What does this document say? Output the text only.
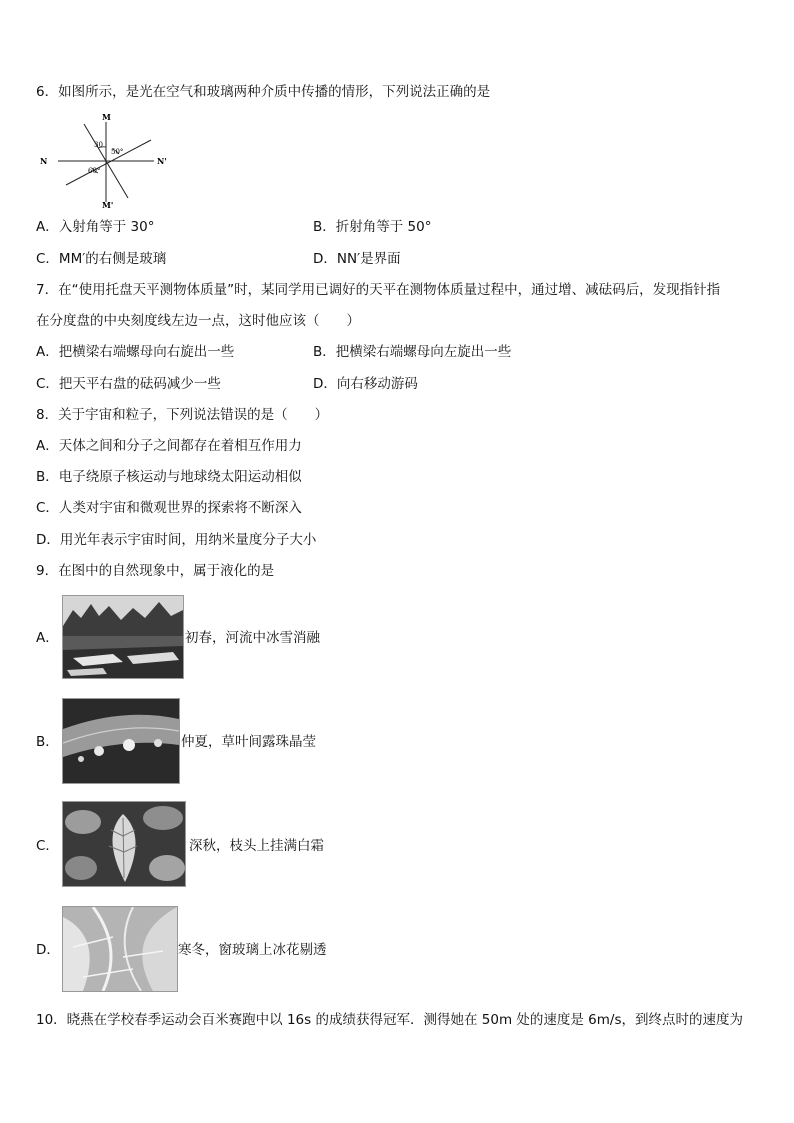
6．如图所示，是光在空气和玻璃两种介质中传播的情形，下列说法正确的是
M
M'
N	N'
30
50°
60°
A．入射角等于 30°	B．折射角等于 50°
C．MM′的右侧是玻璃	D．NN′是界面
7．在“使用托盘天平测物体质量”时，某同学用已调好的天平在测物体质量过程中，通过增、减砝码后，发现指针指
在分度盘的中央刻度线左边一点，这时他应该（　　）
A．把横梁右端螺母向右旋出一些	B．把横梁右端螺母向左旋出一些
C．把天平右盘的砝码减少一些	D．向右移动游码
8．关于宇宙和粒子，下列说法错误的是（　　）
A．天体之间和分子之间都存在着相互作用力
B．电子绕原子核运动与地球绕太阳运动相似
C．人类对宇宙和微观世界的探索将不断深入
D．用光年表示宇宙时间，用纳米量度分子大小
9．在图中的自然现象中，属于液化的是
A．	初春，河流中冰雪消融
B．	仲夏，草叶间露珠晶莹
C．	深秋，枝头上挂满白霜
D．	寒冬，窗玻璃上冰花剔透
10．晓燕在学校春季运动会百米赛跑中以 16s 的成绩获得冠军．测得她在 50m 处的速度是 6m/s，到终点时的速度为
